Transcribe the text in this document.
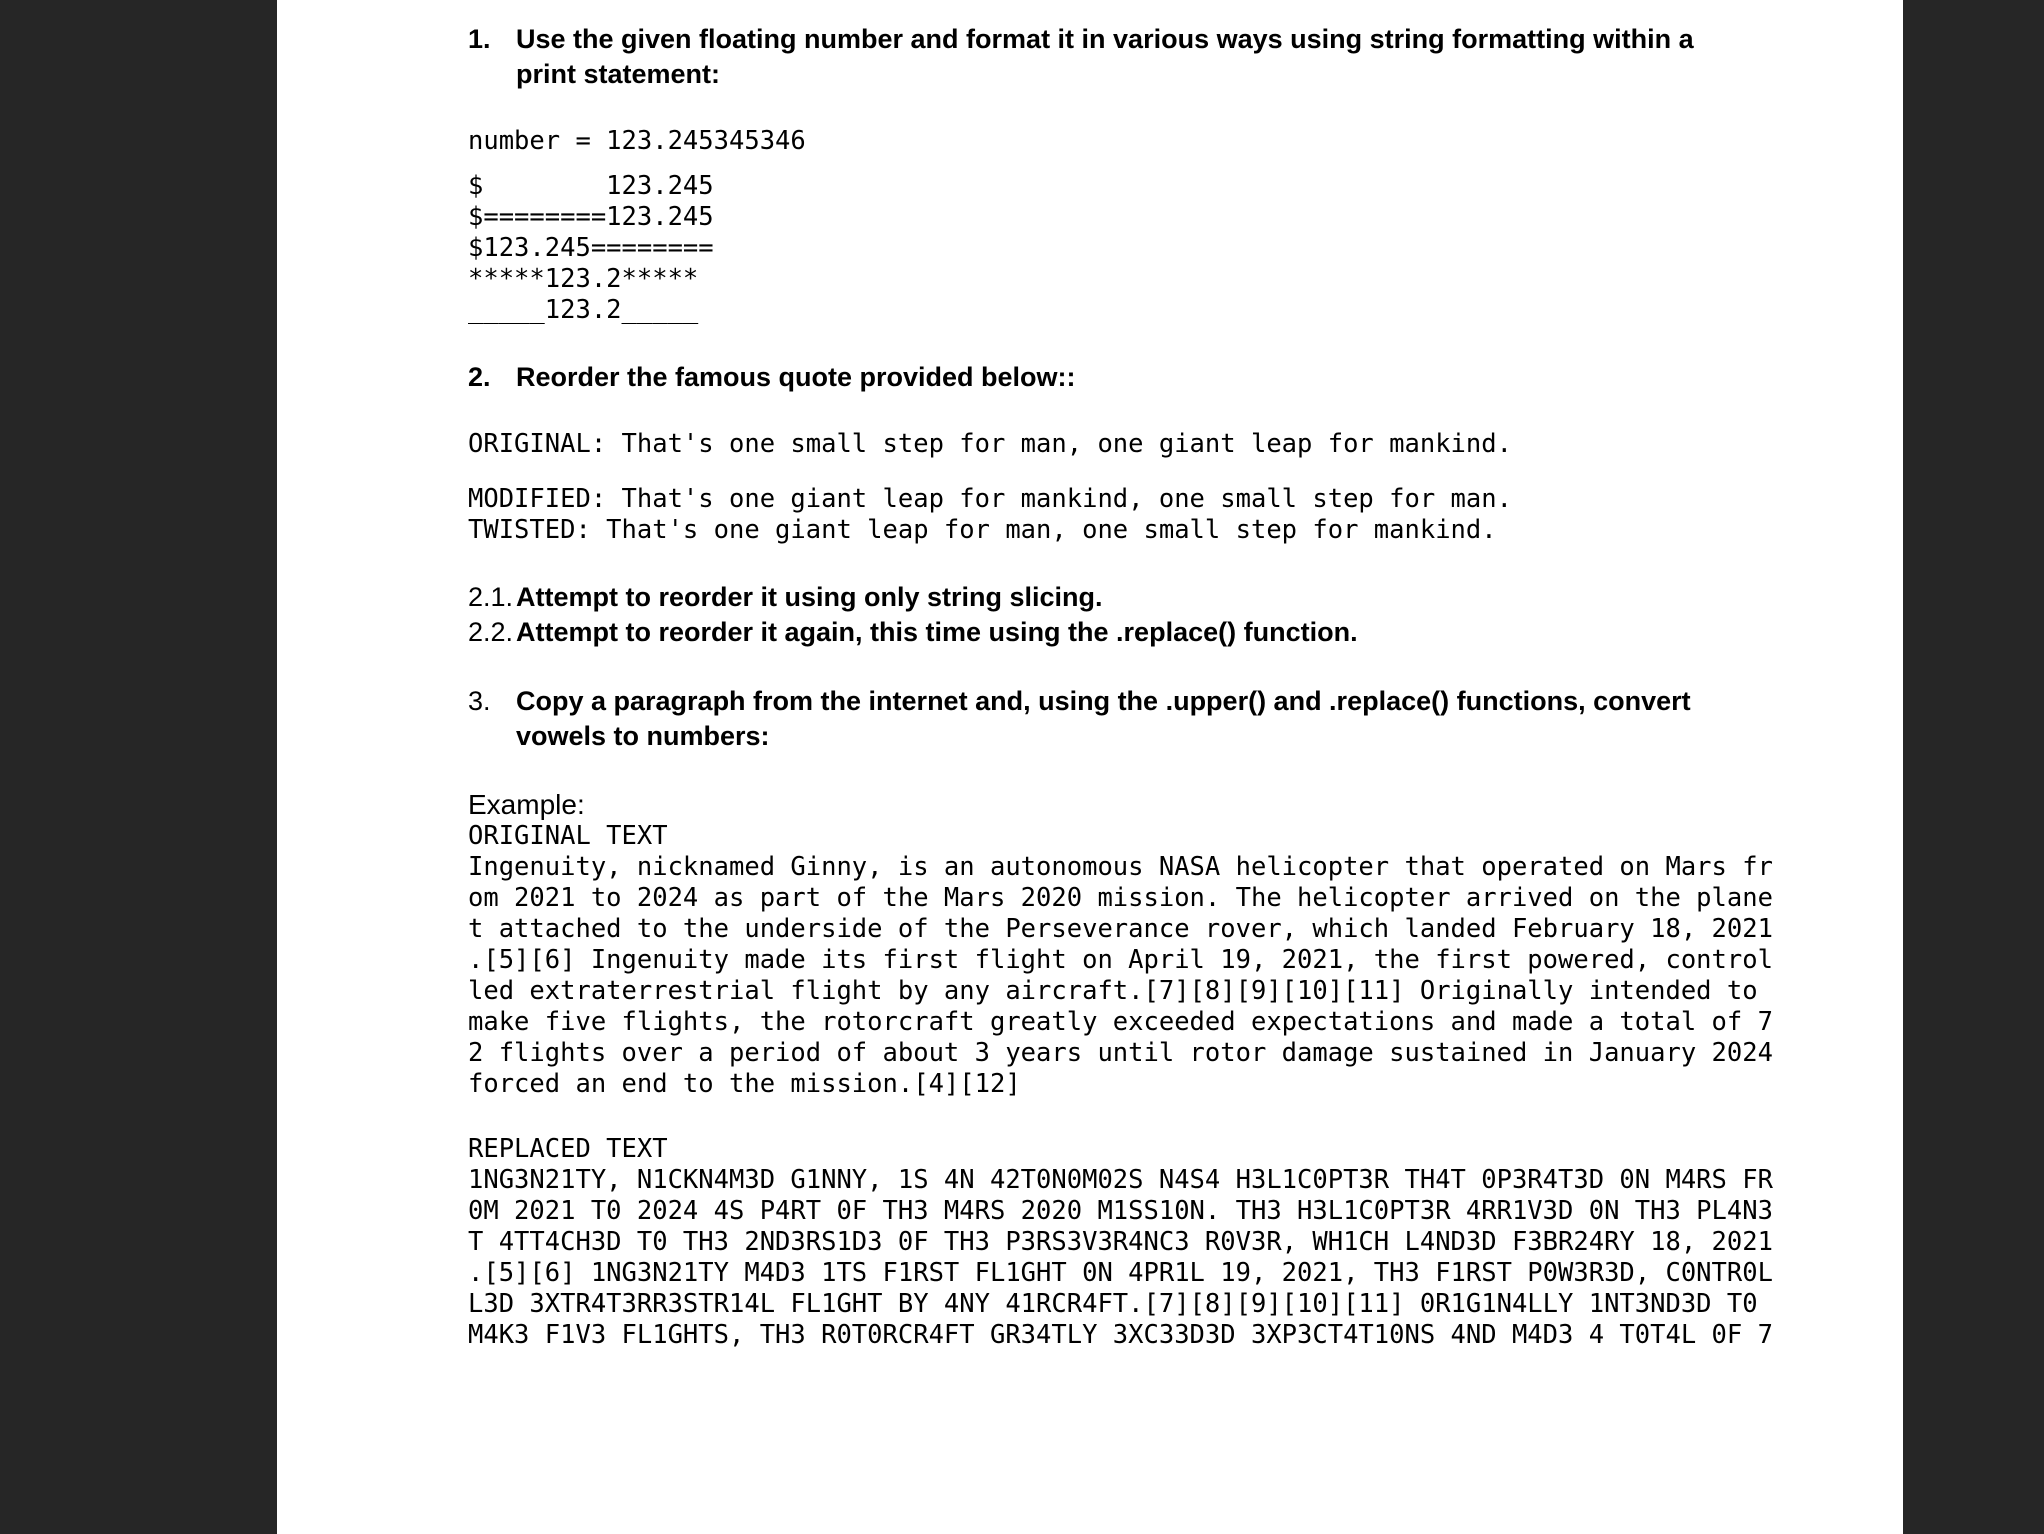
1. Use the given floating number and format it in various ways using string formatting within a print statement:
number = 123.245345346
$        123.245
$========123.245
$123.245========
*****123.2*****
_____123.2_____
2. Reorder the famous quote provided below::
ORIGINAL: That's one small step for man, one giant leap for mankind.
MODIFIED: That's one giant leap for mankind, one small step for man.
TWISTED: That's one giant leap for man, one small step for mankind.
2.1. Attempt to reorder it using only string slicing.
2.2. Attempt to reorder it again, this time using the .replace() function.
3. Copy a paragraph from the internet and, using the .upper() and .replace() functions, convert vowels to numbers:
Example:
ORIGINAL TEXT
Ingenuity, nicknamed Ginny, is an autonomous NASA helicopter that operated on Mars fr
om 2021 to 2024 as part of the Mars 2020 mission. The helicopter arrived on the plane
t attached to the underside of the Perseverance rover, which landed February 18, 2021
.[5][6] Ingenuity made its first flight on April 19, 2021, the first powered, control
led extraterrestrial flight by any aircraft.[7][8][9][10][11] Originally intended to
make five flights, the rotorcraft greatly exceeded expectations and made a total of 7
2 flights over a period of about 3 years until rotor damage sustained in January 2024
forced an end to the mission.[4][12]
REPLACED TEXT
1NG3N21TY, N1CKN4M3D G1NNY, 1S 4N 42T0N0M02S N4S4 H3L1C0PT3R TH4T 0P3R4T3D 0N M4RS FR
0M 2021 T0 2024 4S P4RT 0F TH3 M4RS 2020 M1SS10N. TH3 H3L1C0PT3R 4RR1V3D 0N TH3 PL4N3
T 4TT4CH3D T0 TH3 2ND3RS1D3 0F TH3 P3RS3V3R4NC3 R0V3R, WH1CH L4ND3D F3BR24RY 18, 2021
.[5][6] 1NG3N21TY M4D3 1TS F1RST FL1GHT 0N 4PR1L 19, 2021, TH3 F1RST P0W3R3D, C0NTR0L
L3D 3XTR4T3RR3STR14L FL1GHT BY 4NY 41RCR4FT.[7][8][9][10][11] 0R1G1N4LLY 1NT3ND3D T0
M4K3 F1V3 FL1GHTS, TH3 R0T0RCR4FT GR34TLY 3XC33D3D 3XP3CT4T10NS 4ND M4D3 4 T0T4L 0F 7
